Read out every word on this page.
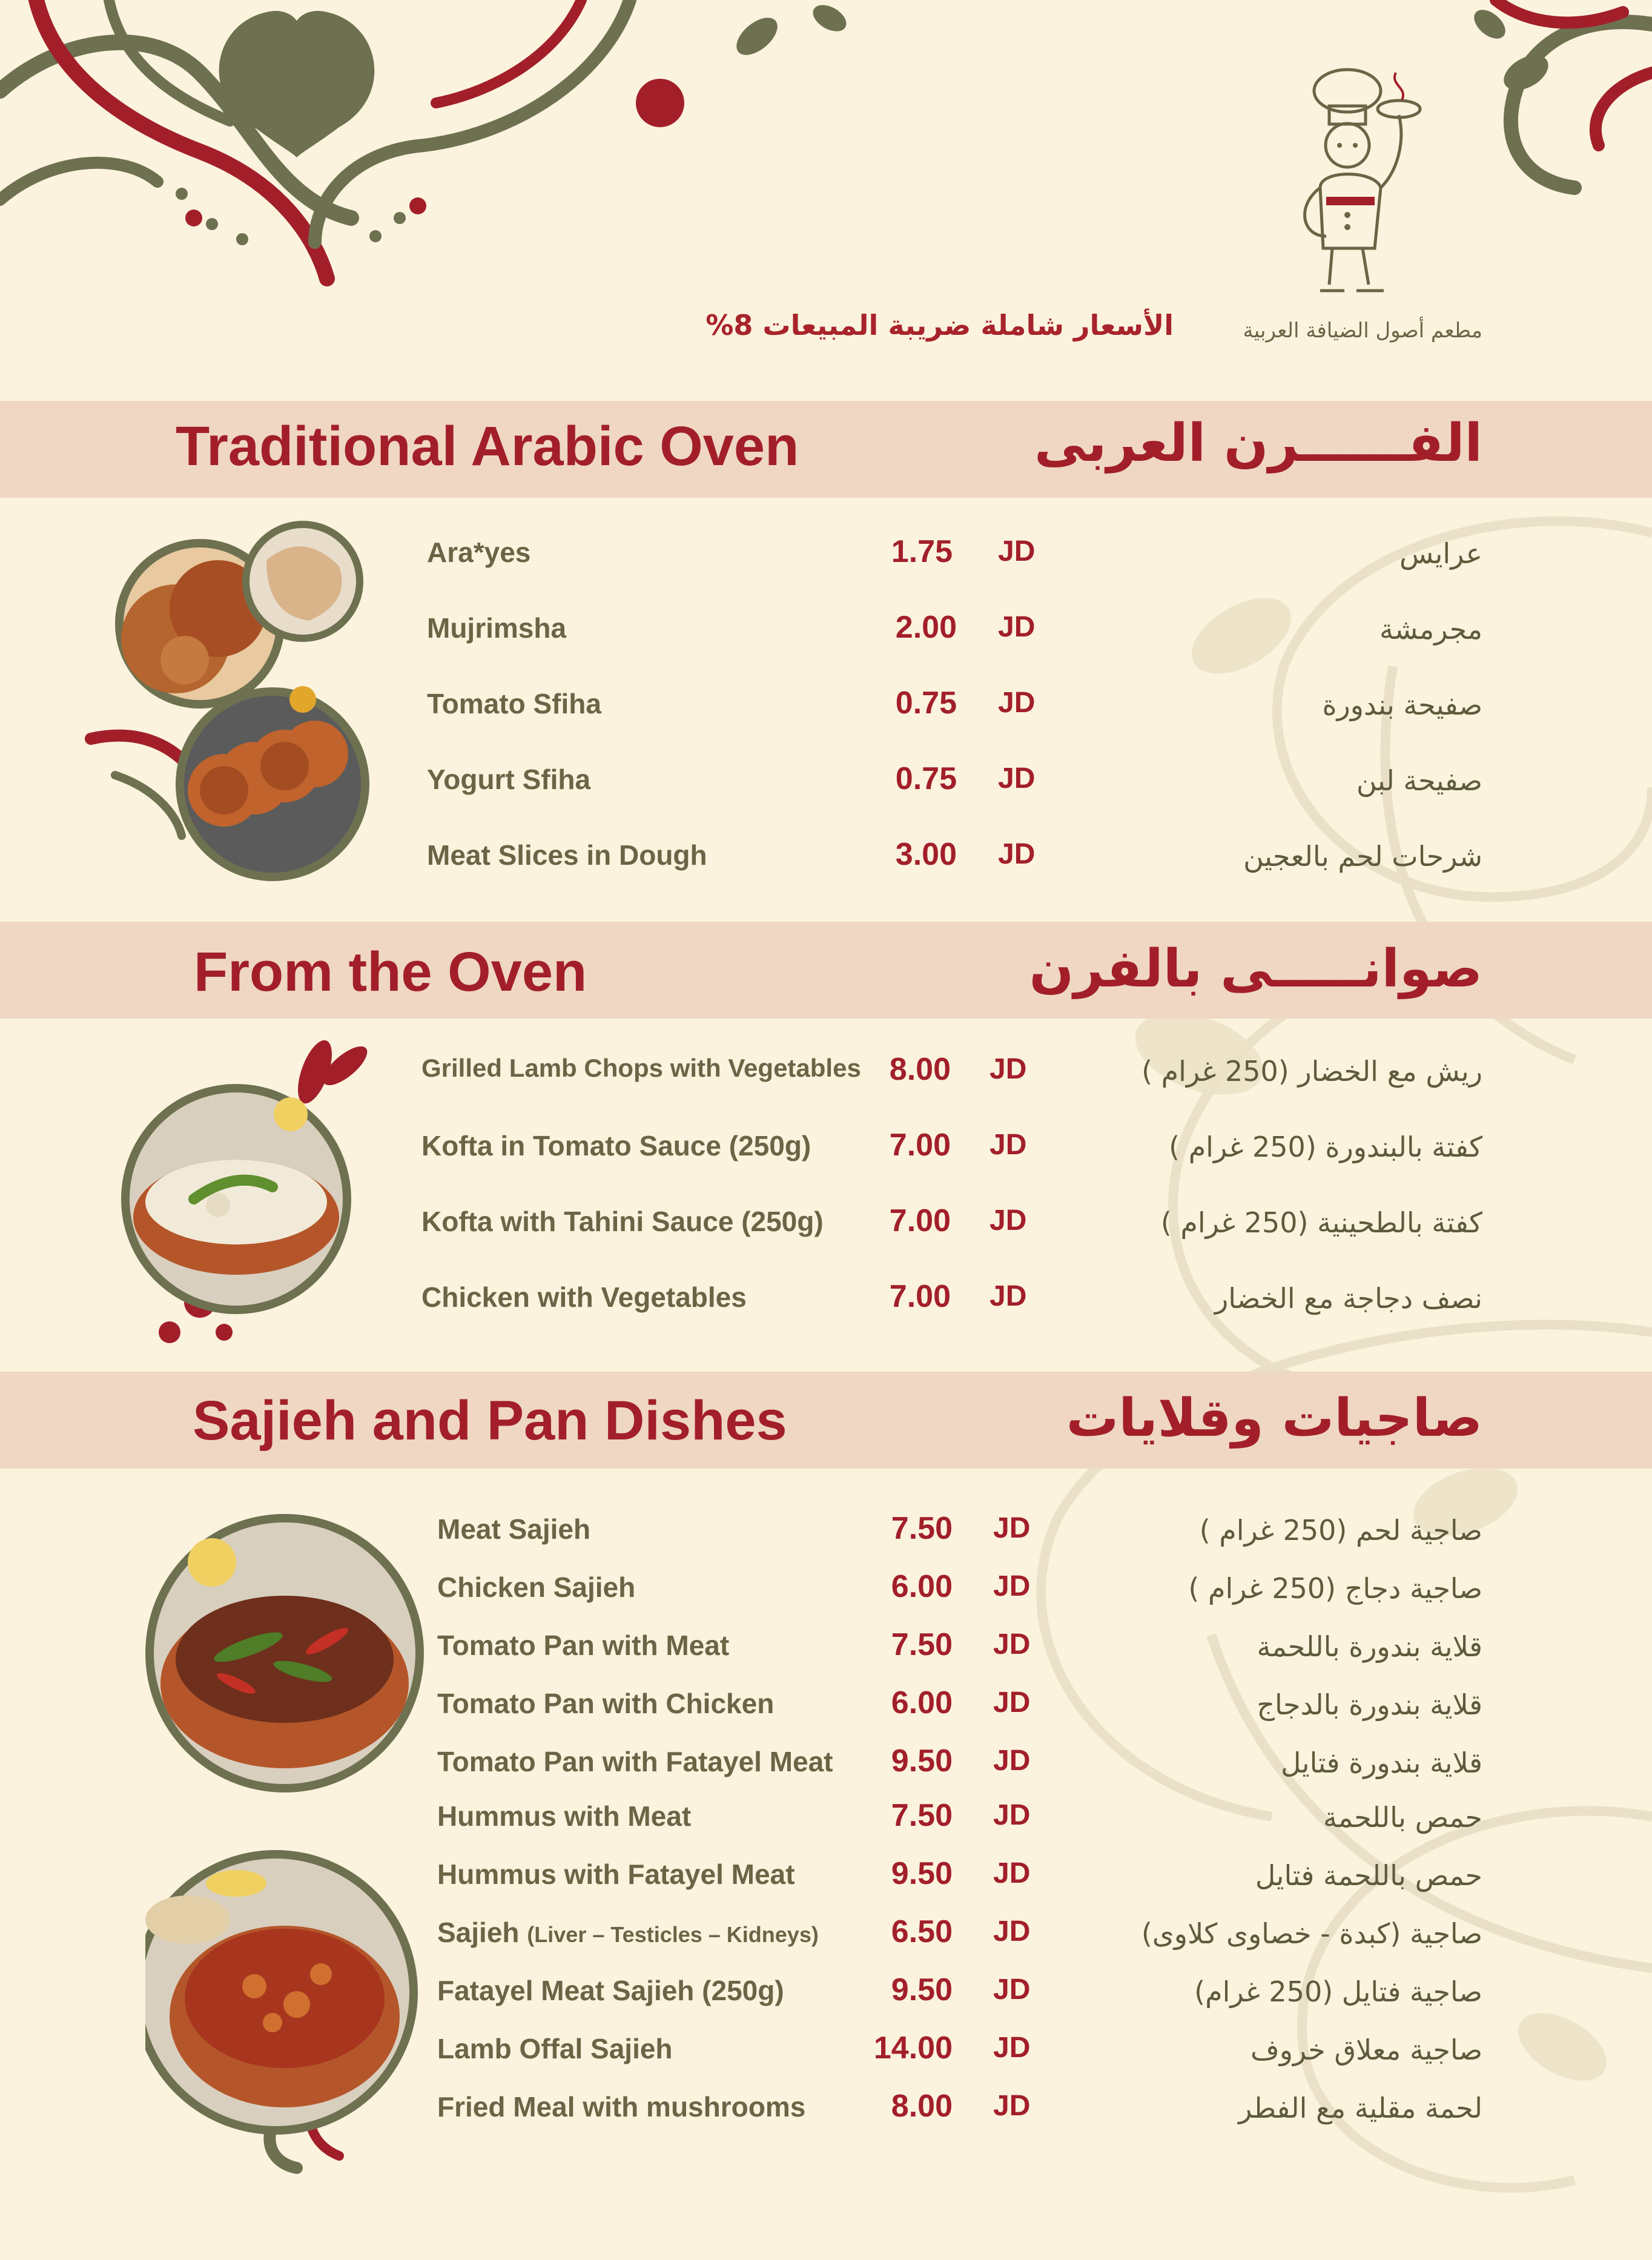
مطعم أصول الضيافة العربية
الأسعار شاملة ضريبة المبيعات 8%
Traditional Arabic Oven	الفــــــرن العربى
Ara*yes	1.75 JD	عرايس
Mujrimsha	2.00 JD	مجرمشة
Tomato Sfiha	0.75 JD	صفيحة بندورة
Yogurt Sfiha	0.75 JD	صفيحة لبن
Meat Slices in Dough	3.00 JD	شرحات لحم بالعجين
From the Oven	صوانـــــى بالفرن
Grilled Lamb Chops with Vegetables 8.00 JD	ريش مع الخضار (250 غرام )
Kofta in Tomato Sauce (250g)	7.00 JD	كفتة بالبندورة (250 غرام )
Kofta with Tahini Sauce (250g)	7.00 JD	كفتة بالطحينية (250 غرام )
Chicken with Vegetables	7.00 JD	نصف دجاجة مع الخضار
Sajieh and Pan Dishes	صاجيات وقلايات
Meat Sajieh	7.50 JD	صاجية لحم (250 غرام )
Chicken Sajieh	6.00 JD	صاجية دجاج (250 غرام )
Tomato Pan with Meat	7.50 JD	قلاية بندورة باللحمة
Tomato Pan with Chicken	6.00 JD	قلاية بندورة بالدجاج
Tomato Pan with Fatayel Meat	9.50 JD	قلاية بندورة فتايل
Hummus with Meat	7.50 JD	حمص باللحمة
Hummus with Fatayel Meat	9.50 JD	حمص باللحمة فتايل
Sajieh (Liver – Testicles – Kidneys)	6.50 JD	صاجية (كبدة - خصاوى كلاوى)
Fatayel Meat Sajieh (250g)	9.50 JD	صاجية فتايل (250 غرام)
Lamb Offal Sajieh	14.00 JD	صاجية معلاق خروف
Fried Meal with mushrooms	8.00 JD	لحمة مقلية مع الفطر
